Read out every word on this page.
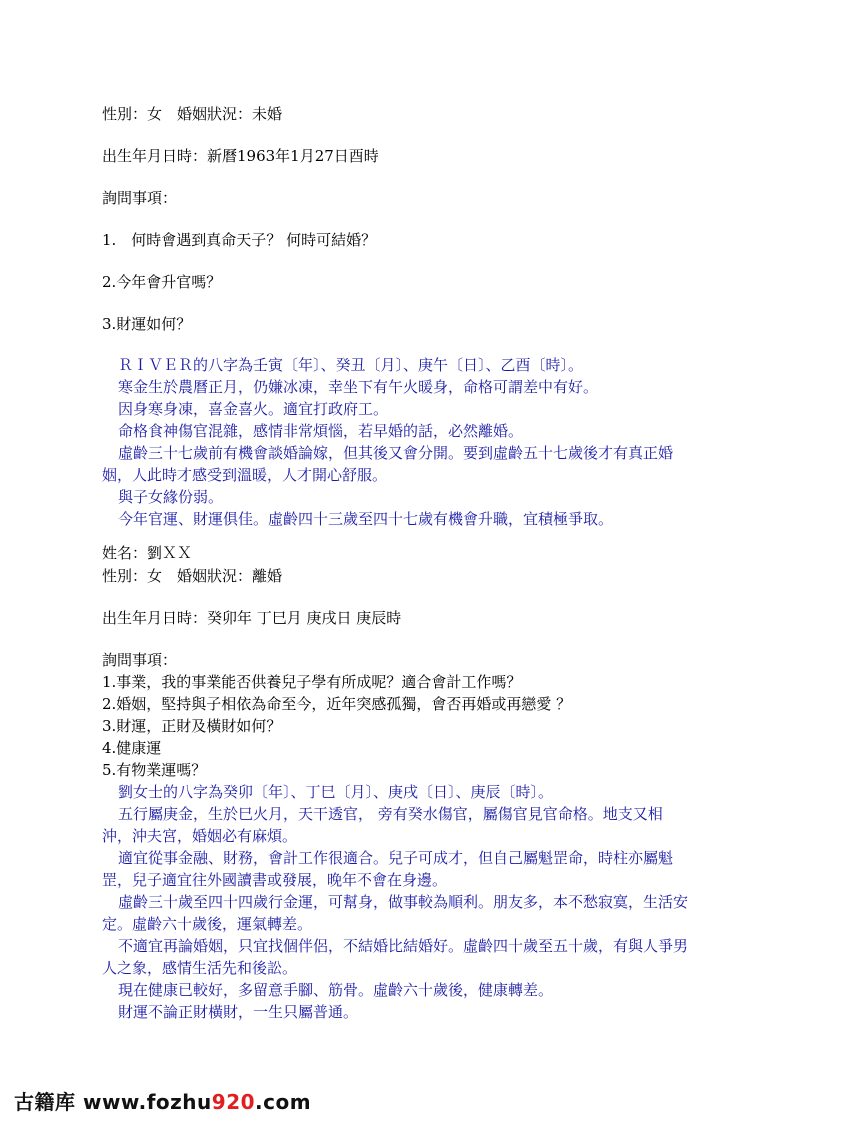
性別：女　婚姻狀況：未婚
出生年月日時：新曆1963年1月27日酉時
詢問事項：
1.　何時會遇到真命天子？ 何時可結婚？
2.今年會升官嗎？
3.財運如何？
ＲＩＶＥＲ的八字為壬寅〔年〕、癸丑〔月〕、庚午〔日〕、乙酉〔時〕。
寒金生於農曆正月，仍嫌冰凍，幸坐下有午火暖身，命格可謂差中有好。
因身寒身凍，喜金喜火。適宜打政府工。
命格食神傷官混雜，感情非常煩惱，若早婚的話，必然離婚。
虛齡三十七歲前有機會談婚論嫁，但其後又會分開。要到虛齡五十七歲後才有真正婚
姻，人此時才感受到溫暖，人才開心舒服。
與子女緣份弱。
今年官運、財運俱佳。虛齡四十三歲至四十七歲有機會升職，宜積極爭取。
姓名：劉ＸＸ
性別：女　婚姻狀況：離婚
出生年月日時：癸卯年 丁巳月 庚戌日 庚辰時
詢問事項：
1.事業，我的事業能否供養兒子學有所成呢？適合會計工作嗎？
2.婚姻，堅持與子相依為命至今，近年突感孤獨，會否再婚或再戀愛 ？
3.財運，正財及橫財如何？
4.健康運
5.有物業運嗎？
劉女士的八字為癸卯〔年〕、丁巳〔月〕、庚戌〔日〕、庚辰〔時〕。
五行屬庚金，生於巳火月，天干透官， 旁有癸水傷官，屬傷官見官命格。地支又相
沖，沖夫宮，婚姻必有麻煩。
適宜從事金融、財務，會計工作很適合。兒子可成才，但自己屬魁罡命，時柱亦屬魁
罡，兒子適宜往外國讀書或發展，晚年不會在身邊。
虛齡三十歲至四十四歲行金運，可幫身，做事較為順利。朋友多，本不愁寂寞，生活安
定。虛齡六十歲後，運氣轉差。
不適宜再論婚姻，只宜找個伴侶，不結婚比結婚好。虛齡四十歲至五十歲，有與人爭男
人之象，感情生活先和後訟。
現在健康已較好，多留意手腳、筋骨。虛齡六十歲後，健康轉差。
財運不論正財橫財，一生只屬普通。
古籍库 www.fozhu920.com
